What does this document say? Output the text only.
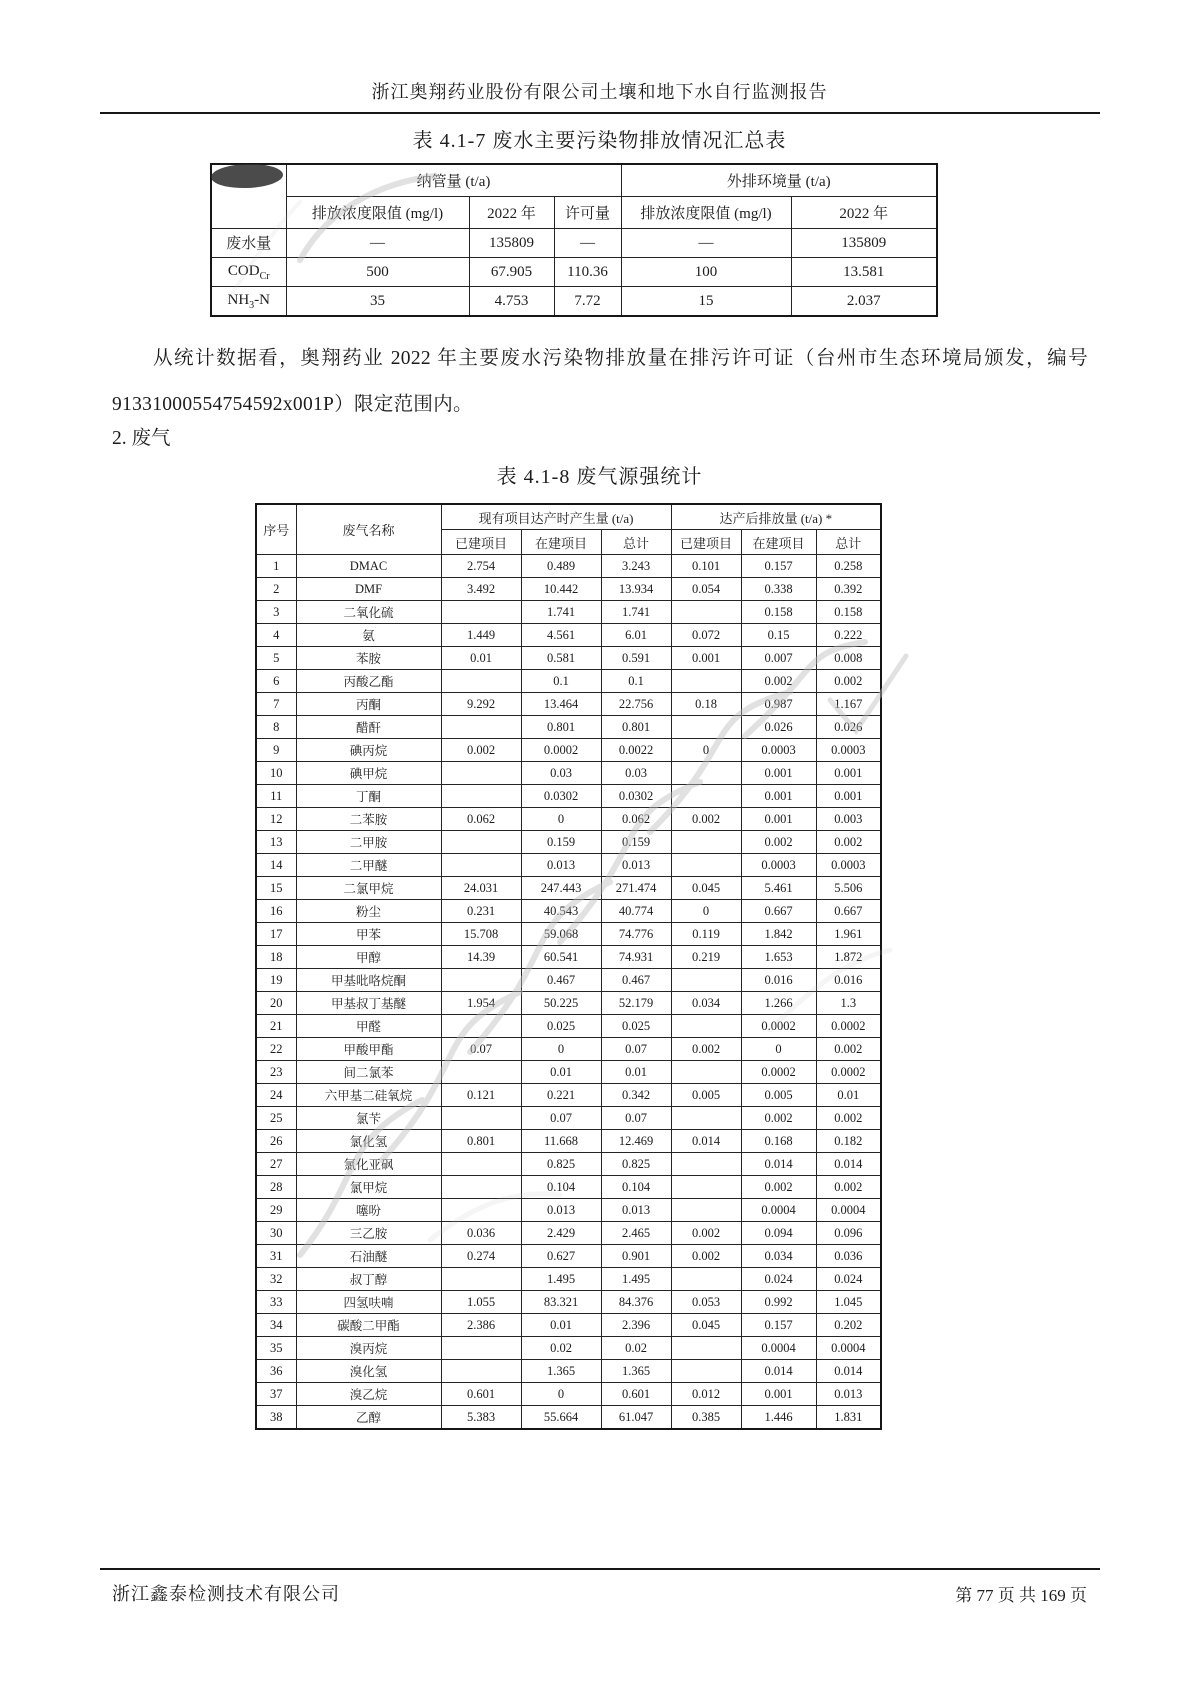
浙江奥翔药业股份有限公司土壤和地下水自行监测报告
表 4.1-7 废水主要污染物排放情况汇总表
	纳管量 (t/a)			外排环境量 (t/a)	
	排放浓度限值 (mg/l)	2022 年	许可量	排放浓度限值 (mg/l)	2022 年
废水量	—	135809	—	—	135809
$COD_{Cr}$	500	67.905	110.36	100	13.581
$NH_3-N$	35	4.753	7.72	15	2.037
从统计数据看，奥翔药业 2022 年主要废水污染物排放量在排污许可证（台州市生态环境局颁发，编号 91331000554754592x001P）限定范围内。
2. 废气
表 4.1-8 废气源强统计
序号	废气名称	现有项目达产时产生量 (t/a)			达产后排放量 (t/a) *		
		已建项目	在建项目	总计	已建项目	在建项目	总计
1	DMAC	2.754	0.489	3.243	0.101	0.157	0.258
2	DMF	3.492	10.442	13.934	0.054	0.338	0.392
3	二氧化硫		1.741	1.741		0.158	0.158
4	氨	1.449	4.561	6.01	0.072	0.15	0.222
5	苯胺	0.01	0.581	0.591	0.001	0.007	0.008
6	丙酸乙酯		0.1	0.1		0.002	0.002
7	丙酮	9.292	13.464	22.756	0.18	0.987	1.167
8	醋酐		0.801	0.801		0.026	0.026
9	碘丙烷	0.002	0.0002	0.0022	0	0.0003	0.0003
10	碘甲烷		0.03	0.03		0.001	0.001
11	丁酮		0.0302	0.0302		0.001	0.001
12	二苯胺	0.062	0	0.062	0.002	0.001	0.003
13	二甲胺		0.159	0.159		0.002	0.002
14	二甲醚		0.013	0.013		0.0003	0.0003
15	二氯甲烷	24.031	247.443	271.474	0.045	5.461	5.506
16	粉尘	0.231	40.543	40.774	0	0.667	0.667
17	甲苯	15.708	59.068	74.776	0.119	1.842	1.961
18	甲醇	14.39	60.541	74.931	0.219	1.653	1.872
19	甲基吡咯烷酮		0.467	0.467		0.016	0.016
20	甲基叔丁基醚	1.954	50.225	52.179	0.034	1.266	1.3
21	甲醛		0.025	0.025		0.0002	0.0002
22	甲酸甲酯	0.07	0	0.07	0.002	0	0.002
23	间二氯苯		0.01	0.01		0.0002	0.0002
24	六甲基二硅氧烷	0.121	0.221	0.342	0.005	0.005	0.01
25	氯苄		0.07	0.07		0.002	0.002
26	氯化氢	0.801	11.668	12.469	0.014	0.168	0.182
27	氯化亚砜		0.825	0.825		0.014	0.014
28	氯甲烷		0.104	0.104		0.002	0.002
29	噻吩		0.013	0.013		0.0004	0.0004
30	三乙胺	0.036	2.429	2.465	0.002	0.094	0.096
31	石油醚	0.274	0.627	0.901	0.002	0.034	0.036
32	叔丁醇		1.495	1.495		0.024	0.024
33	四氢呋喃	1.055	83.321	84.376	0.053	0.992	1.045
34	碳酸二甲酯	2.386	0.01	2.396	0.045	0.157	0.202
35	溴丙烷		0.02	0.02		0.0004	0.0004
36	溴化氢		1.365	1.365		0.014	0.014
37	溴乙烷	0.601	0	0.601	0.012	0.001	0.013
38	乙醇	5.383	55.664	61.047	0.385	1.446	1.831
浙江鑫泰检测技术有限公司	第 77 页 共 169 页
